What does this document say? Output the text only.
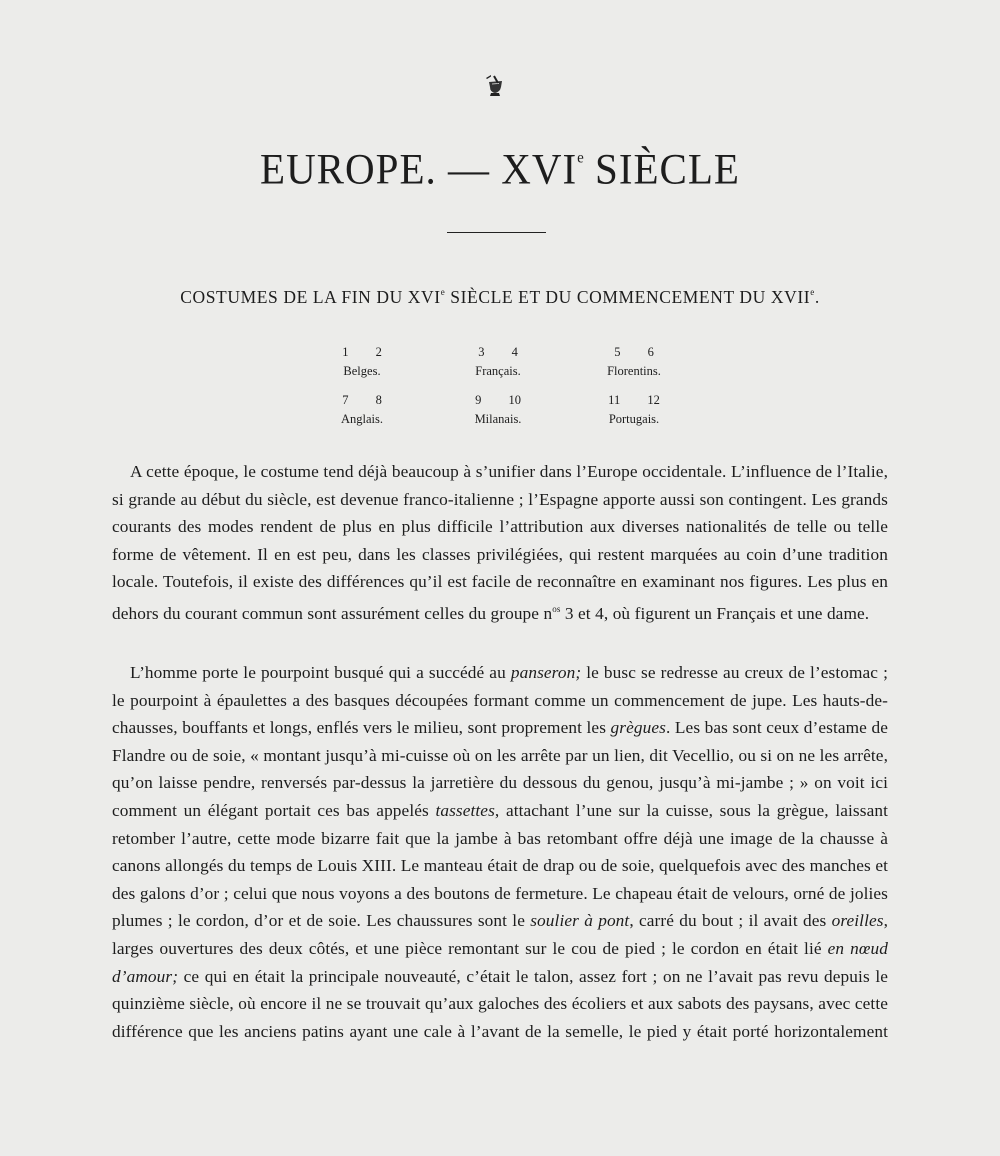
EUROPE. — XVIe SIÈCLE
COSTUMES DE LA FIN DU XVIe SIÈCLE ET DU COMMENCEMENT DU XVIIe.
1 2
Belges.
3 4
Français.
5 6
Florentins.
7 8
Anglais.
9 10
Milanais.
11 12
Portugais.

A cette époque, le costume tend déjà beaucoup à s’unifier dans l’Europe occidentale. L’influence de l’Italie, si grande au début du siècle, est devenue franco-italienne ; l’Espagne apporte aussi son contingent. Les grands courants des modes rendent de plus en plus difficile l’attribution aux diverses nationalités de telle ou telle forme de vêtement. Il en est peu, dans les classes privilégiées, qui restent marquées au coin d’une tradition locale. Toutefois, il existe des différences qu’il est facile de reconnaître en examinant nos figures. Les plus en dehors du courant commun sont assurément celles du groupe $n^{os}$ 3 et 4, où figurent un Français et une dame.

L’homme porte le pourpoint busqué qui a succédé au panseron; le busc se redresse au creux de l’estomac ; le pourpoint à épaulettes a des basques découpées formant comme un commencement de jupe. Les hauts-de-chausses, bouffants et longs, enflés vers le milieu, sont proprement les grègues. Les bas sont ceux d’estame de Flandre ou de soie, « montant jusqu’à mi-cuisse où on les arrête par un lien, dit Vecellio, ou si on ne les arrête, qu’on laisse pendre, renversés par-dessus la jarretière du dessous du genou, jusqu’à mi-jambe ; » on voit ici comment un élégant portait ces bas appelés tassettes, attachant l’une sur la cuisse, sous la grègue, laissant retomber l’autre, cette mode bizarre fait que la jambe à bas retombant offre déjà une image de la chausse à canons allongés du temps de Louis XIII. Le manteau était de drap ou de soie, quelquefois avec des manches et des galons d’or ; celui que nous voyons a des boutons de fermeture. Le chapeau était de velours, orné de jolies plumes ; le cordon, d’or et de soie. Les chaussures sont le soulier à pont, carré du bout ; il avait des oreilles, larges ouvertures des deux côtés, et une pièce remontant sur le cou de pied ; le cordon en était lié en nœud d’amour; ce qui en était la principale nouveauté, c’était le talon, assez fort ; on ne l’avait pas revu depuis le quinzième siècle, où encore il ne se trouvait qu’aux galoches des écoliers et aux sabots des paysans, avec cette différence que les anciens patins ayant une cale à l’avant de la semelle, le pied y était porté horizontalement
